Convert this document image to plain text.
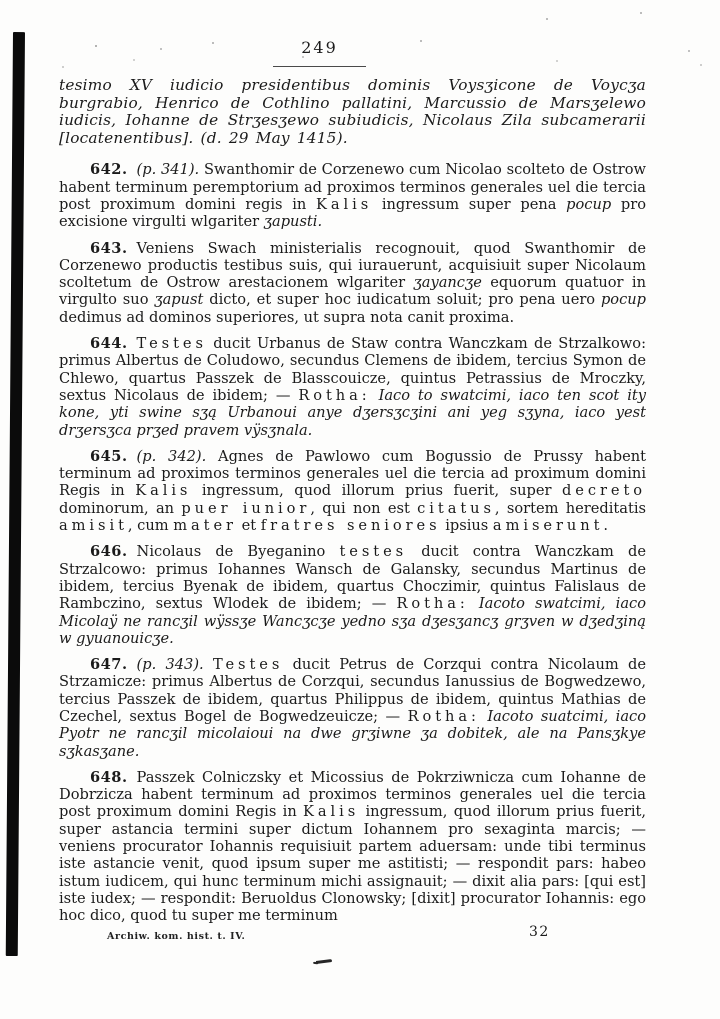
249

tesimo XV iudicio presidentibus dominis Voysʒicone de Voycʒa burgrabio, Henrico de Cothlino pallatini, Marcussio de Marsʒelewo iudicis, Iohanne de Strʒesʒewo subiudicis, Nicolaus Zila subcamerarii [locatenentibus]. (d. 29 May 1415).

642. (p. 341). Swanthomir de Corzenewo cum Nicolao scolteto de Ostrow habent terminum peremptorium ad proximos terminos generales uel die tercia post proximum domini regis in Kalis ingressum super pena pocup pro excisione virgulti wlgariter ʒapusti.

643. Veniens Swach ministerialis recognouit, quod Swanthomir de Corzenewo productis testibus suis, qui iurauerunt, acquisiuit super Nicolaum scoltetum de Ostrow arestacionem wlgariter ʒayancʒe equorum quatuor in virgulto suo ʒapust dicto, et super hoc iudicatum soluit; pro pena uero pocup dedimus ad dominos superiores, ut supra nota canit proxima.

644. Testes ducit Urbanus de Staw contra Wanczkam de Strzalkowo: primus Albertus de Coludowo, secundus Clemens de ibidem, tercius Symon de Chlewo, quartus Passzek de Blasscouicze, quintus Petrassius de Mroczky, sextus Nicolaus de ibidem; — Rotha: Iaco to swatcimi, iaco ten scot ity kone, yti swine sʒą Urbanoui anye dʒersʒcʒini ani yeg sʒyna, iaco yest drʒersʒca prʒed pravem vÿsʒnala.

645. (p. 342). Agnes de Pawlowo cum Bogussio de Prussy habent terminum ad proximos terminos generales uel die tercia ad proximum domini Regis in Kalis ingressum, quod illorum prius fuerit, super decreto dominorum, an puer iunior, qui non est citatus, sortem hereditatis amisit, cum mater et fratres seniores ipsius amiserunt.

646. Nicolaus de Byeganino testes ducit contra Wanczkam de Strzalcowo: primus Iohannes Wansch de Galansky, secundus Martinus de ibidem, tercius Byenak de ibidem, quartus Choczimir, quintus Falislaus de Rambczino, sextus Wlodek de ibidem; — Rotha: Iacoto swatcimi, iaco Micolaÿ ne rancʒil wÿssʒe Wancʒcʒe yedno sʒa dʒesʒancʒ grʒven w dʒedʒiną w gyuanouicʒe.

647. (p. 343). Testes ducit Petrus de Corzqui contra Nicolaum de Strzamicze: primus Albertus de Corzqui, secundus Ianussius de Bogwedzewo, tercius Passzek de ibidem, quartus Philippus de ibidem, quintus Mathias de Czechel, sextus Bogel de Bogwedzeuicze; — Rotha: Iacoto suatcimi, iaco Pyotr ne rancʒil micolaioui na dwe grʒiwne ʒa dobitek, ale na Pansʒkye sʒkasʒane.

648. Passzek Colniczsky et Micossius de Pokrziwnicza cum Iohanne de Dobrzicza habent terminum ad proximos terminos generales uel die tercia post proximum domini Regis in Kalis ingressum, quod illorum prius fuerit, super astancia termini super dictum Iohannem pro sexaginta marcis; — veniens procurator Iohannis requisiuit partem aduersam: unde tibi terminus iste astancie venit, quod ipsum super me astitisti; — respondit pars: habeo istum iudicem, qui hunc terminum michi assignauit; — dixit alia pars: [qui est] iste iudex; — respondit: Beruoldus Clonowsky; [dixit] procurator Iohannis: ego hoc dico, quod tu super me terminum

Archiw. kom. hist. t. IV.	32
